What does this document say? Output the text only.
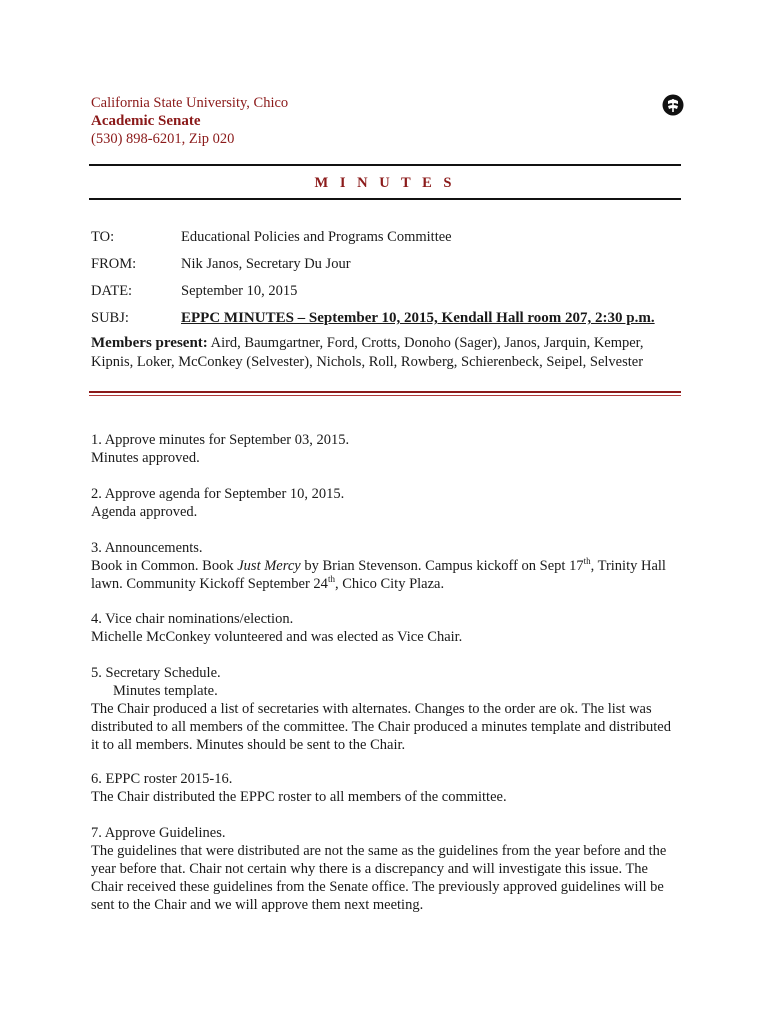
California State University, Chico
Academic Senate
(530) 898-6201, Zip 020
M I N U T E S
TO:	Educational Policies and Programs Committee
FROM:	Nik Janos, Secretary Du Jour
DATE:	September 10, 2015
SUBJ:	EPPC MINUTES – September 10, 2015, Kendall Hall room 207, 2:30 p.m.
Members present: Aird, Baumgartner, Ford, Crotts, Donoho (Sager), Janos, Jarquin, Kemper, Kipnis, Loker, McConkey (Selvester), Nichols, Roll, Rowberg, Schierenbeck, Seipel, Selvester

1. Approve minutes for September 03, 2015.

Minutes approved.

2. Approve agenda for September 10, 2015.

Agenda approved.

3. Announcements.

Book in Common. Book Just Mercy by Brian Stevenson. Campus kickoff on Sept 17th, Trinity Hall lawn. Community Kickoff September 24th, Chico City Plaza.

4. Vice chair nominations/election.

Michelle McConkey volunteered and was elected as Vice Chair.

5. Secretary Schedule.

Minutes template.

The Chair produced a list of secretaries with alternates. Changes to the order are ok. The list was distributed to all members of the committee. The Chair produced a minutes template and distributed it to all members. Minutes should be sent to the Chair.

6. EPPC roster 2015-16.

The Chair distributed the EPPC roster to all members of the committee.

7. Approve Guidelines.

The guidelines that were distributed are not the same as the guidelines from the year before and the year before that. Chair not certain why there is a discrepancy and will investigate this issue. The Chair received these guidelines from the Senate office. The previously approved guidelines will be sent to the Chair and we will approve them next meeting.
